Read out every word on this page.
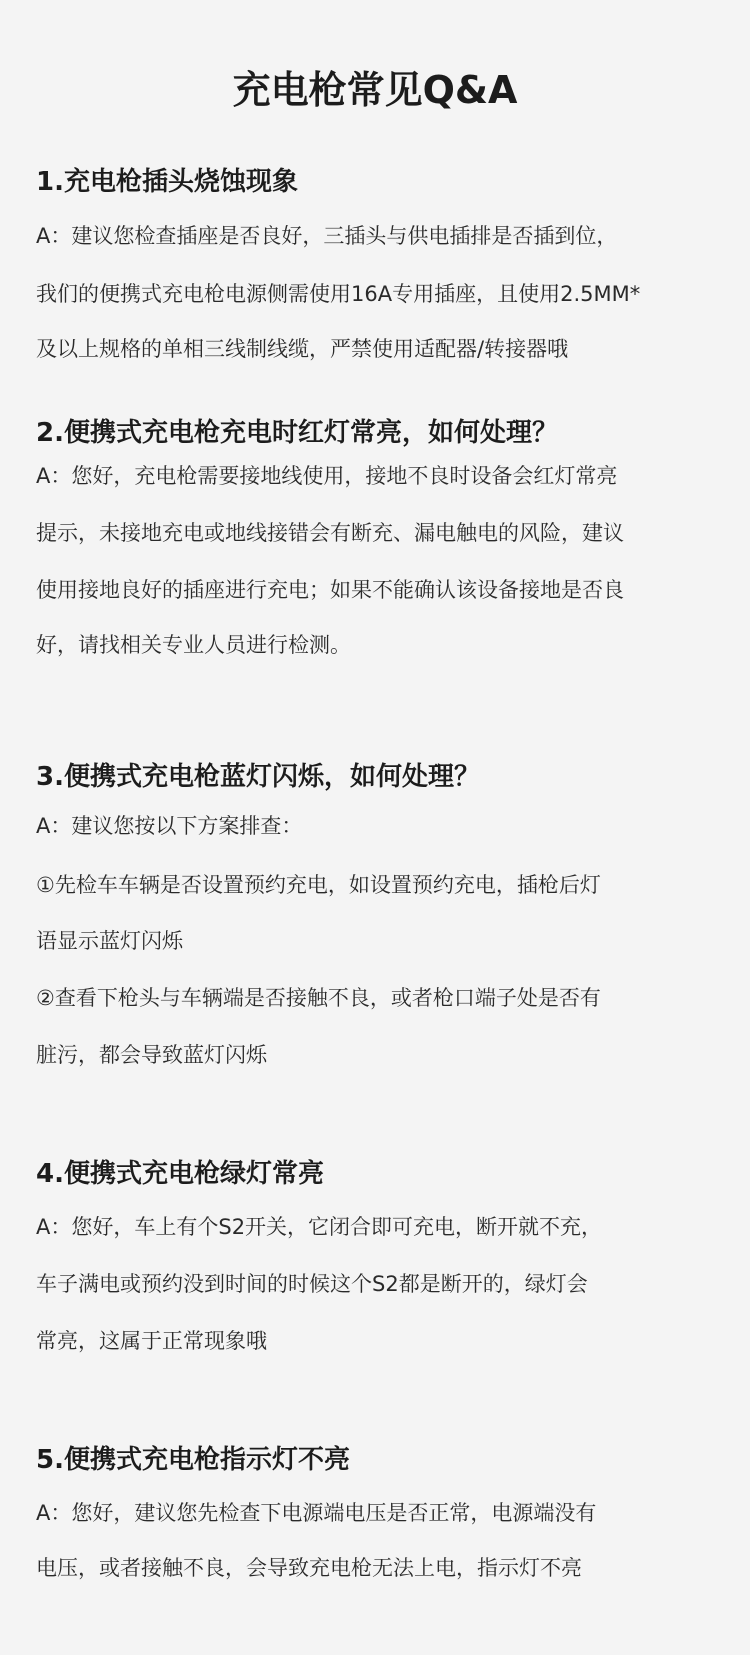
充电枪常见Q&A
1.充电枪插头烧蚀现象

A：建议您检查插座是否良好，三插头与供电插排是否插到位，

我们的便携式充电枪电源侧需使用16A专用插座，且使用2.5MM*

及以上规格的单相三线制线缆，严禁使用适配器/转接器哦

2.便携式充电枪充电时红灯常亮，如何处理？

A：您好，充电枪需要接地线使用，接地不良时设备会红灯常亮

提示，未接地充电或地线接错会有断充、漏电触电的风险，建议

使用接地良好的插座进行充电；如果不能确认该设备接地是否良

好，请找相关专业人员进行检测。

3.便携式充电枪蓝灯闪烁，如何处理？

A：建议您按以下方案排查：

①先检车车辆是否设置预约充电，如设置预约充电，插枪后灯

语显示蓝灯闪烁

②查看下枪头与车辆端是否接触不良，或者枪口端子处是否有

脏污，都会导致蓝灯闪烁

4.便携式充电枪绿灯常亮

A：您好，车上有个S2开关，它闭合即可充电，断开就不充，

车子满电或预约没到时间的时候这个S2都是断开的，绿灯会

常亮，这属于正常现象哦

5.便携式充电枪指示灯不亮

A：您好，建议您先检查下电源端电压是否正常，电源端没有

电压，或者接触不良，会导致充电枪无法上电，指示灯不亮
